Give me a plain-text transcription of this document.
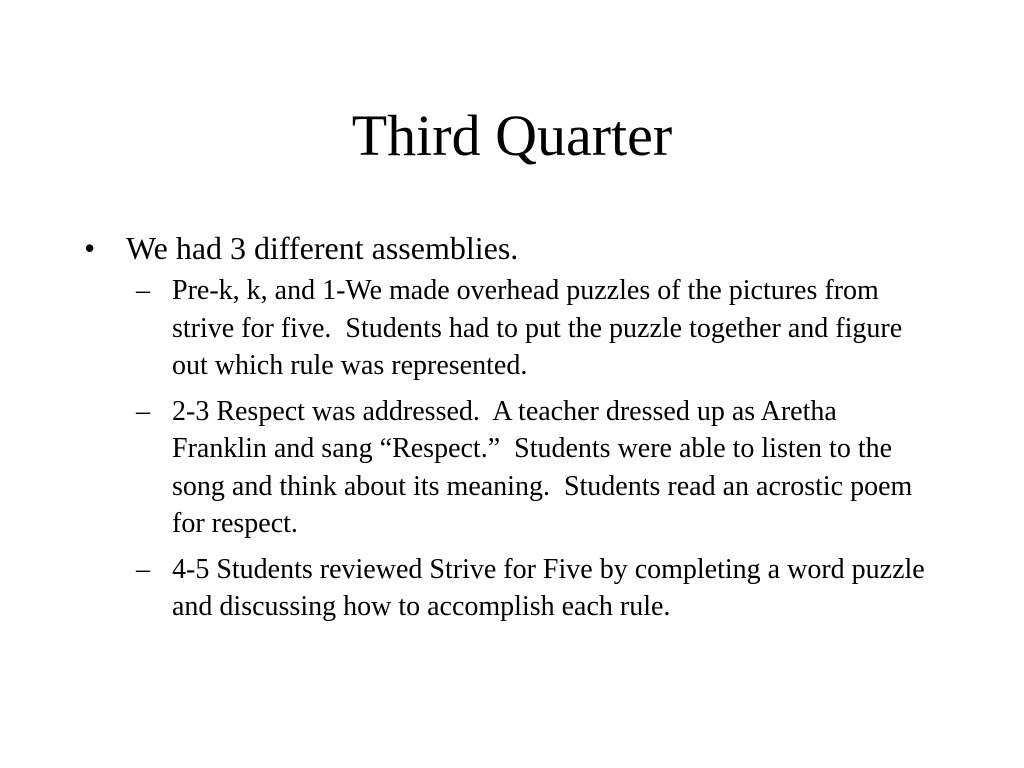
Third Quarter
• We had 3 different assemblies.
– Pre-k, k, and 1-We made overhead puzzles of the pictures from strive for five.  Students had to put the puzzle together and figure out which rule was represented.
– 2-3 Respect was addressed.  A teacher dressed up as Aretha Franklin and sang “Respect.”  Students were able to listen to the song and think about its meaning.  Students read an acrostic poem for respect.
– 4-5 Students reviewed Strive for Five by completing a word puzzle and discussing how to accomplish each rule.
